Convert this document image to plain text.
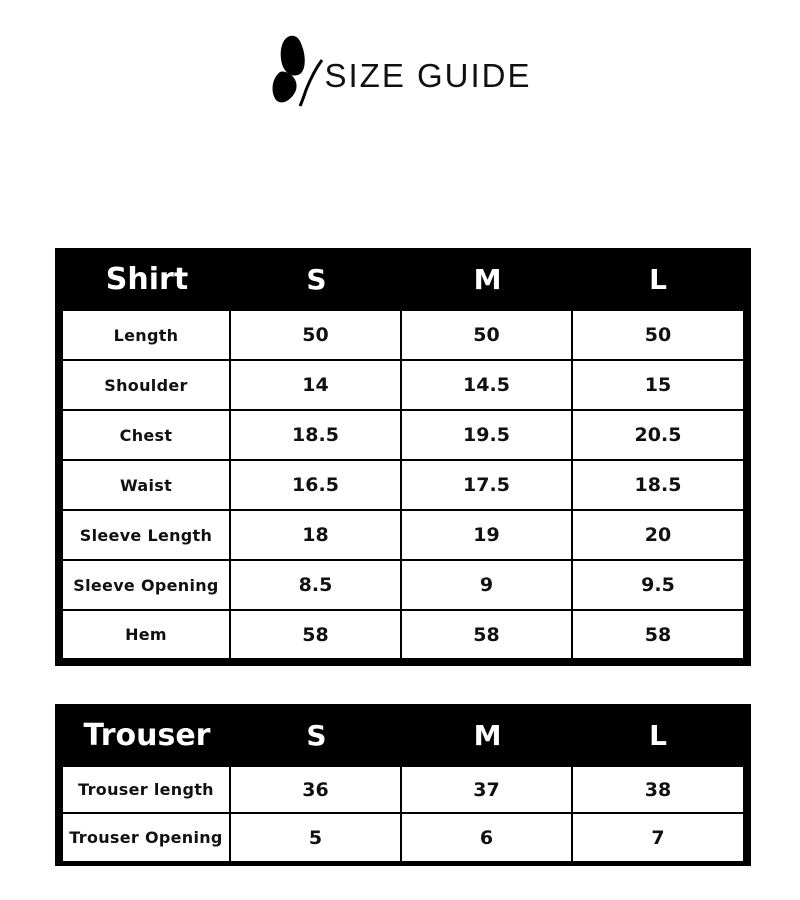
SIZE GUIDE
Shirt	S	M	L
Length	50	50	50
Shoulder	14	14.5	15
Chest	18.5	19.5	20.5
Waist	16.5	17.5	18.5
Sleeve Length	18	19	20
Sleeve Opening	8.5	9	9.5
Hem	58	58	58
Trouser	S	M	L
Trouser length	36	37	38
Trouser Opening	5	6	7
